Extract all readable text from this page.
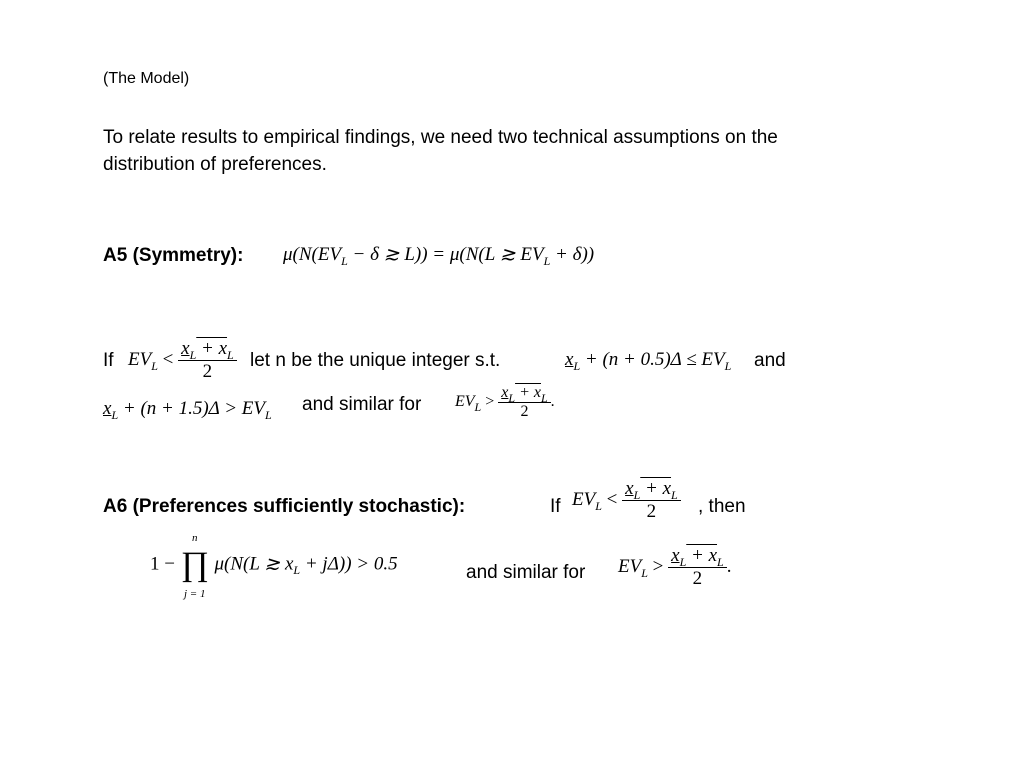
(The Model)
To relate results to empirical findings, we need two technical assumptions on the
distribution of preferences.
A5 (Symmetry): $\mu(N(EV_L - \delta$ ≳ L)) = μ(N(L ≳ $EV_L + \delta$))
If $EV_L < \frac{x_L + x_L}{2}$ let n be the unique integer s.t.	$x_L + (n + 0.5)\Delta \le EV_L$ and
$x_L + (n + 1.5)\Delta > EV_L$ and similar for $EV_L > \frac{x_L + x_L}{2}$ .
A6 (Preferences sufficiently stochastic):	If $EV_L < \frac{x_L + x_L}{2}$ , then
1 −
n
∏
j = 1
μ(N(L ≳ $x_L + j\Delta)) > 0.5$	and similar for $EV_L > \frac{x_L + x_L}{2}$ .
